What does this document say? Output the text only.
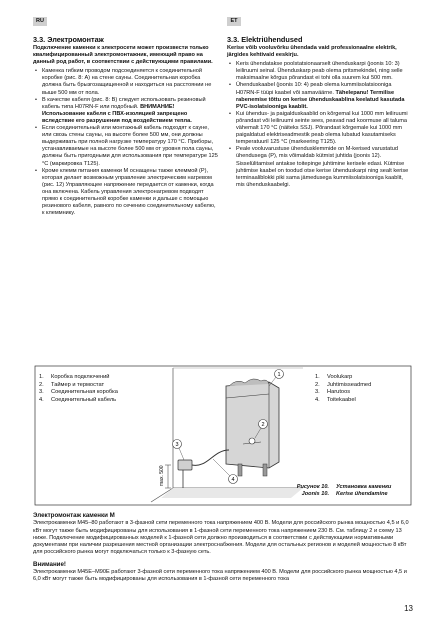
RU	ET
3.3. Электромонтаж

Подключение каменки к электросети может произвести только квалифицированный электромонтажник, имеющий право на данный род работ, в соответствии с действующими правилами.

• Каменка гибким проводом подсоединяется к соединительной коробке (рис. 8: A) на стене сауны. Соединительная коробка должна быть брызгозащищенной и находиться на расстоянии не выше 500 мм от пола.
• В качестве кабеля (рис. 8: B) следует использовать резиновый кабель типа H07RN-F или подобный. ВНИМАНИЕ! Использование кабеля с ПВХ-изоляцией запрещено вследствие его разрушения под воздействием тепла.
• Если соединительный или монтажный кабель подходят к сауне, или свозь стены сауны, на высоте более 500 мм, они должны выдерживать при полной нагрузке температуру 170 °С. Приборы, устанавливаемые на высоте более 500 мм от уровня пола сауны, должны быть пригодными для использования при температуре 125 °С (маркировка T125).
• Кроме клемм питания каменки M оснащены также клеммой (P), которая делает возможным управление электрическим нагревом (рис. 12) Управляющее напряжение передается от каменки, когда она включена. Кабель управления электронагревом подводят прямо к соединительной коробке каменки и дальше с помощью резинового кабеля, равного по сечению соединительному кабелю, к клеммнику.
3.3. Elektriühendused

Kerise võib vooluvõrku ühendada vaid professionaalne elektrik, järgides kehtivaid eeskirju.

• Keris ühendatakse poolstatsionaarselt ühenduskarpi (joonis 10: 3) leiliruumi seinal. Ühenduskarp peab olema pritsmekindel, ning selle maksimaalne kõrgus põrandast ei tohi olla suurem kui 500 mm.
• Ühenduskaabel (joonis 10: 4) peab olema kummiisolatsiooniga H07RN-F tüüpi kaabel või samaväärne. Tähelepanu! Termilise rabenemise tõttu on kerise ühenduskaablina keelatud kasutada PVC-isolatsiooniga kaablit.
• Kui ühendus- ja paigalduskaablid on kõrgemal kui 1000 mm leiliruumi põrandast või leiliruumi seinte sees, peavad nad koormuse all taluma vähemalt 170 °C (näiteks SSJ). Põrandast kõrgemale kui 1000 mm paigaldatud elektriseadmestik peab olema lubatud kasutamiseks temperatuuril 125 °C (markeering T125).
• Peale vooluvarustuse ühendusklemmide on M-kerised varustatud ühendusega (P), mis võimaldab kütmist juhtida (joonis 12). Sisselülitamisel antakse toitepinge juhtimine kerisele edasi. Kütmise juhtimise kaabel on toodud otse kerise ühenduskarpi ning sealt kerise terminaaliblokki piki sama jämedusega kummiisolatsiooniga kaablit, mis ühenduskaabelgi.
max. 500
1
2
3
4
1. Коробка подключений
2. Таймер и термостат
3. Соединительная коробка
4. Соединительный кабель
1. Voolukarp
2. Juhtimisseadmed
3. Harutoos
4. Toitekaabel
Рисунок 10.
Joonis 10.
Установка каменки
Kerise ühendamine
Электромонтаж каменки M

Электрокаменки M45–80 работают в 3-фазной сети переменного тока напряжением 400 В. Модели для российского рынка мощностью 4,5 и 6,0 кВт могут также быть модифицированы для использования в 1-фазной сети переменного тока напряжением 230 В. См. таблицу 2 и схему 13 ниже. Подключение модифицированных моделей к 1-фазной сети должно производиться в соответствии с действующими нормативными документами при наличии разрешения местной организации электроснабжения. Модели для остальных регионов и моделей мощностью 8 кВт для российского рынка могут подключаться только к 3-фазную сеть.

Внимание!

Электрокаменки M45E–M90E работают 3-фазной сети переменного тока напряжением 400 В. Модели для российского рынка мощностью 4,5 и 6,0 кВт могут также быть модифицированы для использования в 1-фазной сети переменного тока

13
